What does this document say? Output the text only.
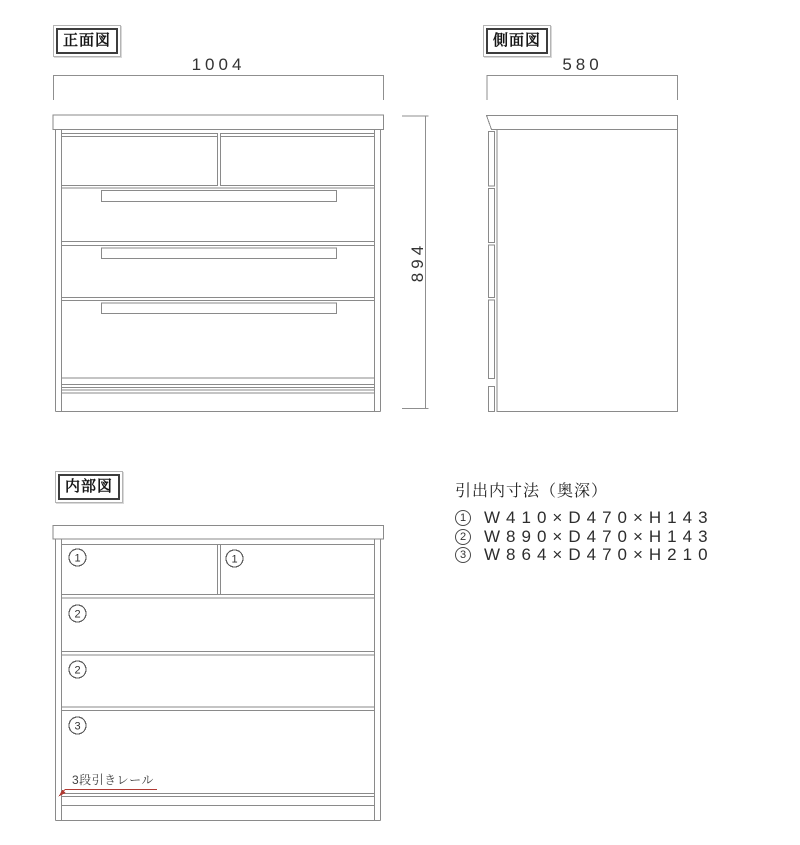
1	1
2
2
3
正面図	側面図
内部図
1004	580
894
引出内寸法（奥深）
1 W410×D470×H143
2 W890×D470×H143
3 W864×D470×H210
3段引きレール
